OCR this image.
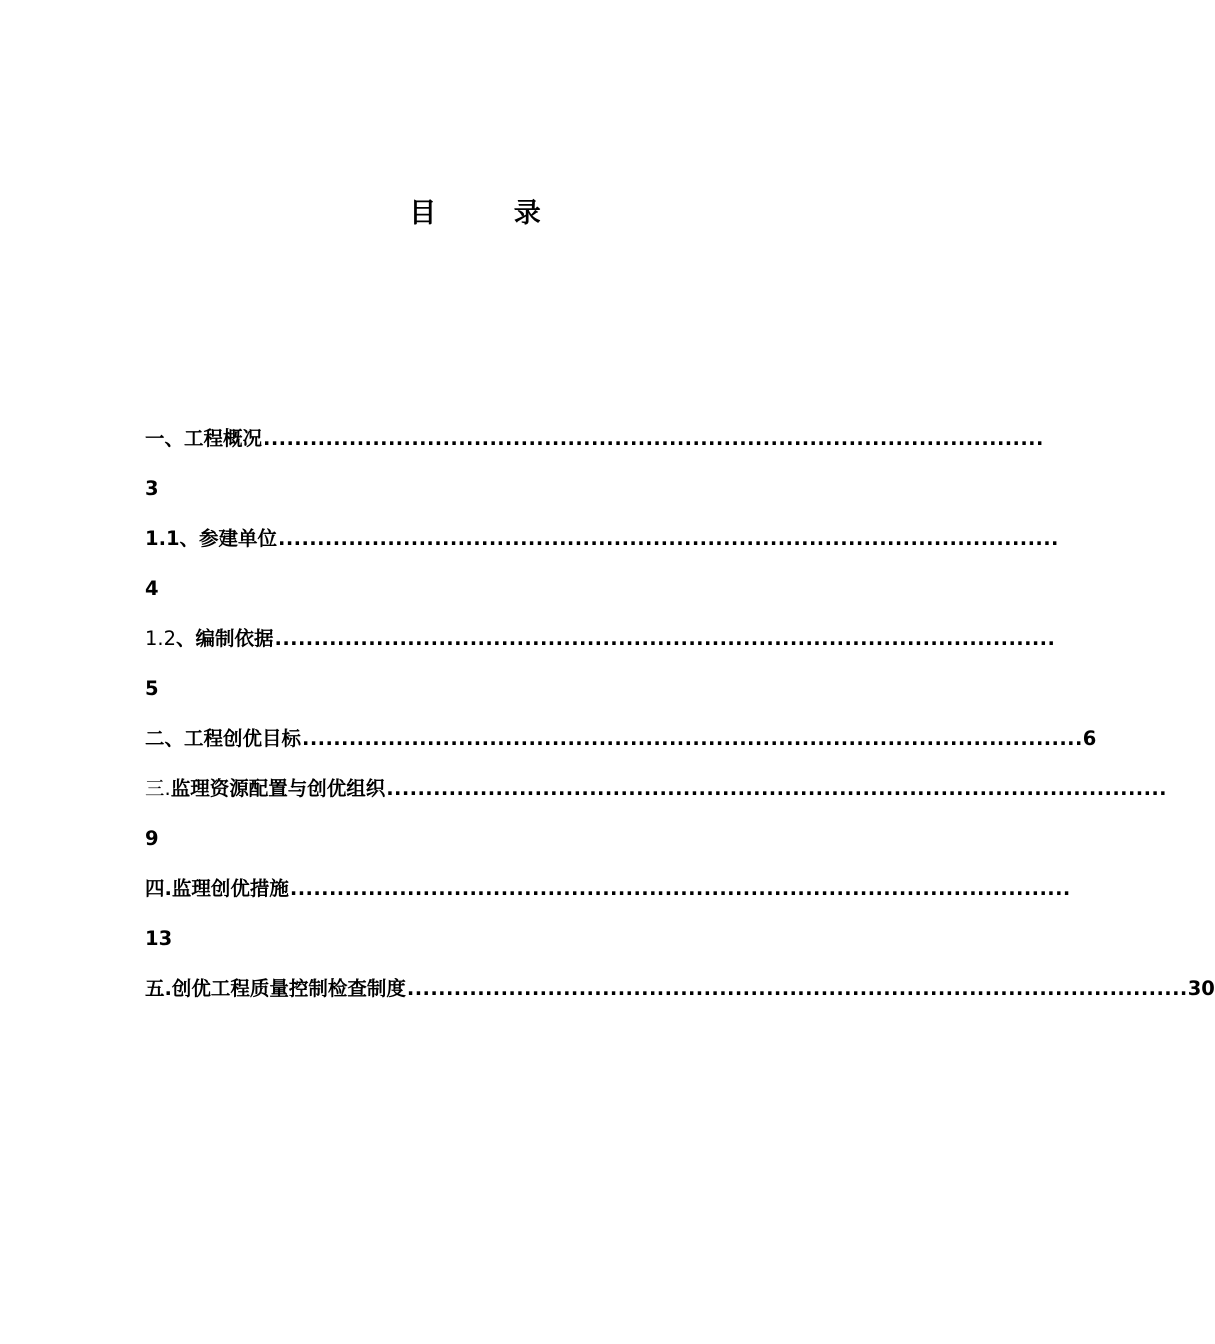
目 录
一、工程概况 ....................................................................................................
3
1.1、参建单位 ....................................................................................................
4
1.2、编制依据 ....................................................................................................
5
二、工程创优目标 .................................................................................................... 6
三.监理资源配置与创优组织 ....................................................................................................
9
四.监理创优措施 ....................................................................................................
13
五.创优工程质量控制检查制度 .................................................................................................... 30
